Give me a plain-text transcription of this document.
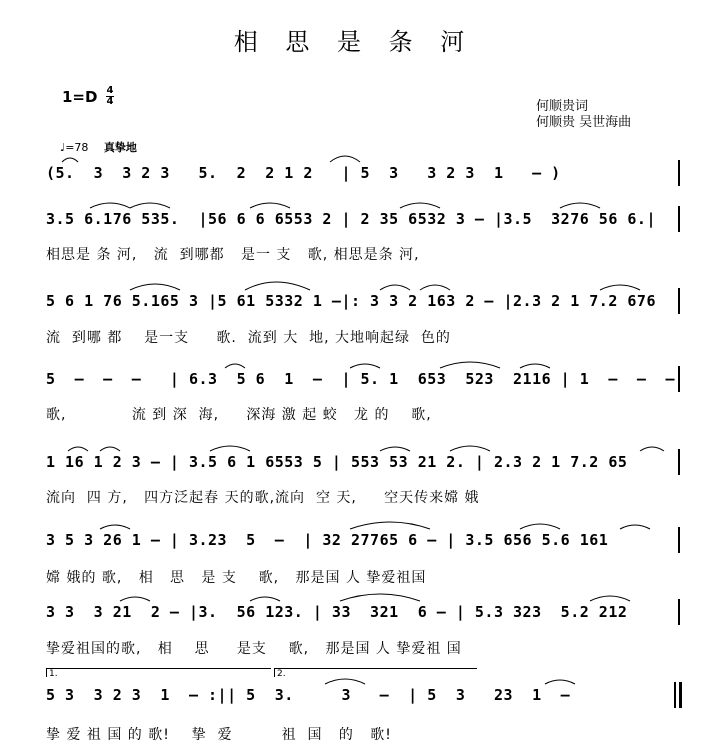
相 思 是 条 河
1=D 4
4	何顺贵词
何顺贵 吴世海曲
♩=78 真挚地
(5.  3  3 2 3   5.  2  2 1 2   | 5  3   3 2 3  1   – )
3.5 6.176 535.  |56 6 6 6553 2 | 2 35 6532 3 – |3.5  3276 56 6.|
相思是 条 河,   流  到哪都   是一 支   歌, 相思是条 河,
5 6 1 76 5.165 3 |5 61 5332 1 –|: 3 3 2 163 2 – |2.3 2 1 7.2 676
流  到哪 都    是一支     歌.  流到 大  地, 大地响起绿  色的
5  –  –  –   | 6.3  5 6  1  –  | 5. 1  653  523  2116 | 1  –  –  –
歌,            流 到 深  海,     深海 激 起 蛟   龙 的    歌,
1 16 1 2 3 – | 3.5 6 1 6553 5 | 553 53 21 2. | 2.3 2 1 7.2 65
流向  四 方,   四方泛起春 天的歌,流向  空 天,     空天传来嫦 娥
3 5 3 26 1 – | 3.23  5  –  | 32 27765 6 – | 3.5 656 5.6 161
嫦 娥的 歌,   相   思   是 支    歌,   那是国 人 挚爱祖国
3 3  3 21  2 – |3.  56 123. | 33  321  6 – | 5.3 323  5.2 212
挚爱祖国的歌,   相    思     是支    歌,   那是国 人 挚爱祖 国
1.	2.
5 3  3 2 3  1  – :|| 5  3.     3   –  | 5  3   23  1  –
挚 爱 祖 国 的 歌!    挚  爱         祖  国   的   歌!
